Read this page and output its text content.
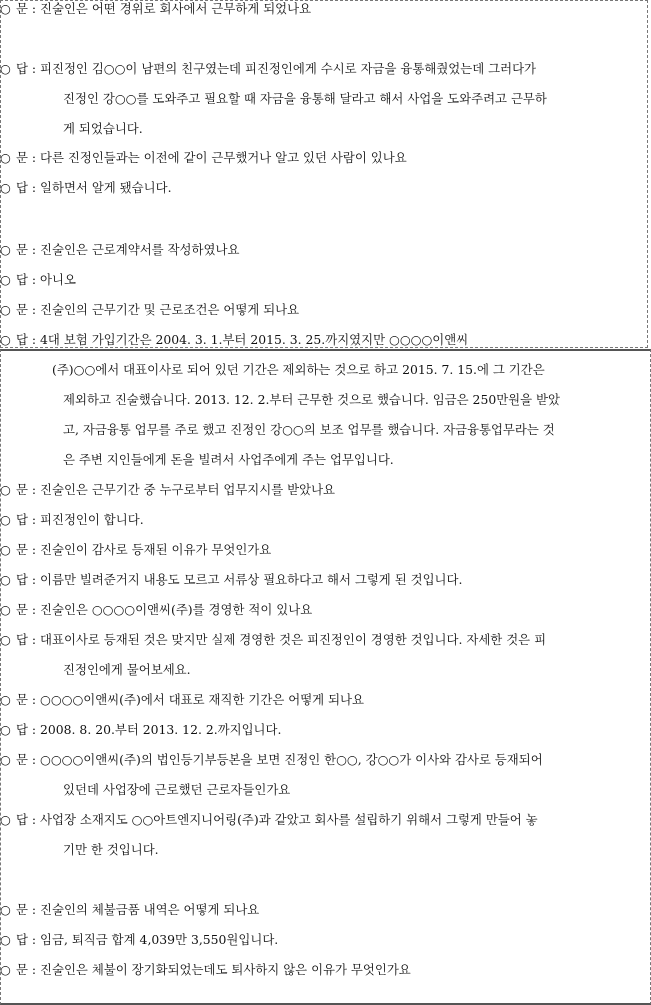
○ 문 : 진술인은 어떤 경위로 회사에서 근무하게 되었나요
○ 답 : 피진정인 김○○이 남편의 친구였는데 피진정인에게 수시로 자금을 융통해줬었는데 그러다가
진정인 강○○를 도와주고 필요할 때 자금을 융통해 달라고 해서 사업을 도와주려고 근무하
게 되었습니다.
○ 문 : 다른 진정인들과는 이전에 같이 근무했거나 알고 있던 사람이 있나요
○ 답 : 일하면서 알게 됐습니다.
○ 문 : 진술인은 근로계약서를 작성하였나요
○ 답 : 아니오
○ 문 : 진술인의 근무기간 및 근로조건은 어떻게 되나요
○ 답 : 4대 보험 가입기간은 2004. 3. 1.부터 2015. 3. 25.까지였지만 ○○○○이앤씨
(주)○○에서 대표이사로 되어 있던 기간은 제외하는 것으로 하고 2015. 7. 15.에 그 기간은
제외하고 진술했습니다. 2013. 12. 2.부터 근무한 것으로 했습니다. 임금은 250만원을 받았
고, 자금융통 업무를 주로 했고 진정인 강○○의 보조 업무를 했습니다. 자금융통업무라는 것
은 주변 지인들에게 돈을 빌려서 사업주에게 주는 업무입니다.
○ 문 : 진술인은 근무기간 중 누구로부터 업무지시를 받았나요
○ 답 : 피진정인이 합니다.
○ 문 : 진술인이 감사로 등재된 이유가 무엇인가요
○ 답 : 이름만 빌려준거지 내용도 모르고 서류상 필요하다고 해서 그렇게 된 것입니다.
○ 문 : 진술인은 ○○○○이앤씨(주)를 경영한 적이 있나요
○ 답 : 대표이사로 등재된 것은 맞지만 실제 경영한 것은 피진정인이 경영한 것입니다. 자세한 것은 피
진정인에게 물어보세요.
○ 문 : ○○○○이앤씨(주)에서 대표로 재직한 기간은 어떻게 되나요
○ 답 : 2008. 8. 20.부터 2013. 12. 2.까지입니다.
○ 문 : ○○○○이앤씨(주)의 법인등기부등본을 보면 진정인 한○○, 강○○가 이사와 감사로 등재되어
있던데 사업장에 근로했던 근로자들인가요
○ 답 : 사업장 소재지도 ○○아트엔지니어링(주)과 같았고 회사를 설립하기 위해서 그렇게 만들어 놓
기만 한 것입니다.
○ 문 : 진술인의 체불금품 내역은 어떻게 되나요
○ 답 : 임금, 퇴직금 합계 4,039만 3,550원입니다.
○ 문 : 진술인은 체불이 장기화되었는데도 퇴사하지 않은 이유가 무엇인가요
